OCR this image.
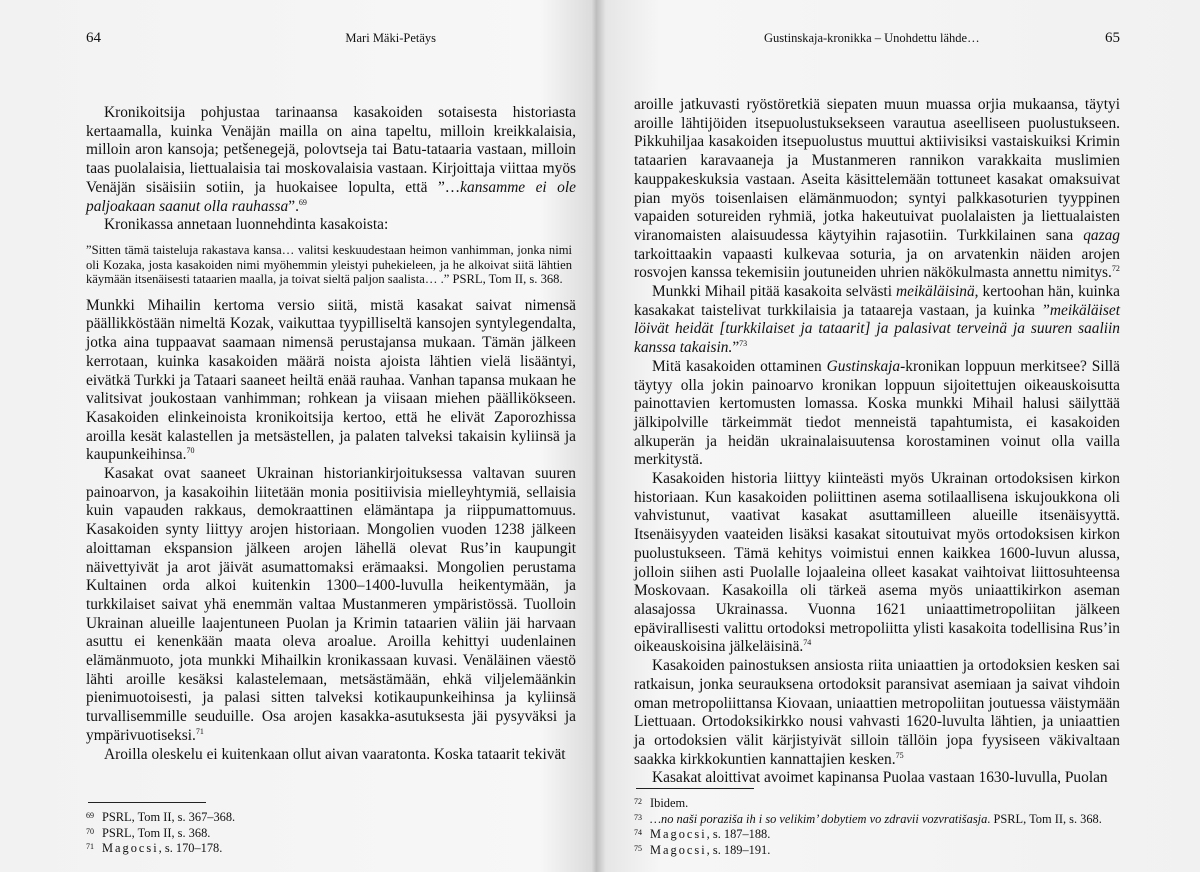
64	Mari Mäki-Petäys

Kronikoitsija pohjustaa tarinaansa kasakoiden sotaisesta historiasta kertaamalla, kuinka Venäjän mailla on aina tapeltu, milloin kreikkalaisia, milloin aron kansoja; petšenegejä, polovtseja tai Batu-tataaria vastaan, milloin taas puolalaisia, liettualaisia tai moskovalaisia vastaan. Kirjoittaja viittaa myös Venäjän sisäisiin sotiin, ja huokaisee lopulta, että ”…kansamme ei ole paljoakaan saanut olla rauhassa”.$^{69}$

Kronikassa annetaan luonnehdinta kasakoista:

”Sitten tämä taisteluja rakastava kansa… valitsi keskuudestaan heimon vanhimman, jonka nimi oli Kozaka, josta kasakoiden nimi myöhemmin yleistyi puhekieleen, ja he alkoivat siitä lähtien käymään itsenäisesti tataarien maalla, ja toivat sieltä paljon saalista… .” PSRL, Tom II, s. 368.

Munkki Mihailin kertoma versio siitä, mistä kasakat saivat nimensä päällikköstään nimeltä Kozak, vaikuttaa tyypilliseltä kansojen syntylegendalta, jotka aina tuppaavat saamaan nimensä perustajansa mukaan. Tämän jälkeen kerrotaan, kuinka kasakoiden määrä noista ajoista lähtien vielä lisääntyi, eivätkä Turkki ja Tataari saaneet heiltä enää rauhaa. Vanhan tapansa mukaan he valitsivat joukostaan vanhimman; rohkean ja viisaan miehen päällikökseen. Kasakoiden elinkeinoista kronikoitsija kertoo, että he elivät Zaporozhissa aroilla kesät kalastellen ja metsästellen, ja palaten talveksi takaisin kyliinsä ja kaupunkeihinsa.$^{70}$

Kasakat ovat saaneet Ukrainan historiankirjoituksessa valtavan suuren painoarvon, ja kasakoihin liitetään monia positiivisia mielleyhtymiä, sellaisia kuin vapauden rakkaus, demokraattinen elämäntapa ja riippumattomuus. Kasakoiden synty liittyy arojen historiaan. Mongolien vuoden 1238 jälkeen aloittaman ekspansion jälkeen arojen lähellä olevat Rus’in kaupungit näivettyivät ja arot jäivät asumattomaksi erämaaksi. Mongolien perustama Kultainen orda alkoi kuitenkin 1300–1400-luvulla heikentymään, ja turkkilaiset saivat yhä enemmän valtaa Mustanmeren ympäristössä. Tuolloin Ukrainan alueille laajentuneen Puolan ja Krimin tataarien väliin jäi harvaan asuttu ei kenenkään maata oleva aroalue. Aroilla kehittyi uudenlainen elämänmuoto, jota munkki Mihailkin kronikassaan kuvasi. Venäläinen väestö lähti aroille kesäksi kalastelemaan, metsästämään, ehkä viljelemäänkin pienimuotoisesti, ja palasi sitten talveksi kotikaupunkeihinsa ja kyliinsä turvallisemmille seuduille. Osa arojen kasakka-asutuksesta jäi pysyväksi ja ympärivuotiseksi.$^{71}$

Aroilla oleskelu ei kuitenkaan ollut aivan vaaratonta. Koska tataarit tekivät

69 PSRL, Tom II, s. 367–368.
70 PSRL, Tom II, s. 368.
71 Magocsi, s. 170–178.
Gustinskaja-kronikka – Unohdettu lähde…	65

aroille jatkuvasti ryöstöretkiä siepaten muun muassa orjia mukaansa, täytyi aroille lähtijöiden itsepuolustuksekseen varautua aseelliseen puolustukseen. Pikkuhiljaa kasakoiden itsepuolustus muuttui aktiivisiksi vastaiskuiksi Krimin tataarien karavaaneja ja Mustanmeren rannikon varakkaita muslimien kauppakeskuksia vastaan. Aseita käsittelemään tottuneet kasakat omaksuivat pian myös toisenlaisen elämänmuodon; syntyi palkkasoturien tyyppinen vapaiden sotureiden ryhmiä, jotka hakeutuivat puolalaisten ja liettualaisten viranomaisten alaisuudessa käytyihin rajasotiin. Turkkilainen sana qazag tarkoittaakin vapaasti kulkevaa soturia, ja on arvatenkin näiden arojen rosvojen kanssa tekemisiin joutuneiden uhrien näkökulmasta annettu nimitys.$^{72}$

Munkki Mihail pitää kasakoita selvästi meikäläisinä, kertoohan hän, kuinka kasakakat taistelivat turkkilaisia ja tataareja vastaan, ja kuinka ”meikäläiset löivät heidät [turkkilaiset ja tataarit] ja palasivat terveinä ja suuren saaliin kanssa takaisin.”$^{73}$

Mitä kasakoiden ottaminen Gustinskaja-kronikan loppuun merkitsee? Sillä täytyy olla jokin painoarvo kronikan loppuun sijoitettujen oikeauskoisutta painottavien kertomusten lomassa. Koska munkki Mihail halusi säilyttää jälkipolville tärkeimmät tiedot menneistä tapahtumista, ei kasakoiden alkuperän ja heidän ukrainalaisuutensa korostaminen voinut olla vailla merkitystä.

Kasakoiden historia liittyy kiinteästi myös Ukrainan ortodoksisen kirkon historiaan. Kun kasakoiden poliittinen asema sotilaallisena iskujoukkona oli vahvistunut, vaativat kasakat asuttamilleen alueille itsenäisyyttä. Itsenäisyyden vaateiden lisäksi kasakat sitoutuivat myös ortodoksisen kirkon puolustukseen. Tämä kehitys voimistui ennen kaikkea 1600-luvun alussa, jolloin siihen asti Puolalle lojaaleina olleet kasakat vaihtoivat liittosuhteensa Moskovaan. Kasakoilla oli tärkeä asema myös uniaattikirkon aseman alasajossa Ukrainassa. Vuonna 1621 uniaattimetropoliitan jälkeen epävirallisesti valittu ortodoksi metropoliitta ylisti kasakoita todellisina Rus’in oikeauskoisina jälkeläisinä.$^{74}$

Kasakoiden painostuksen ansiosta riita uniaattien ja ortodoksien kesken sai ratkaisun, jonka seurauksena ortodoksit paransivat asemiaan ja saivat vihdoin oman metropoliittansa Kiovaan, uniaattien metropoliitan joutuessa väistymään Liettuaan. Ortodoksikirkko nousi vahvasti 1620-luvulta lähtien, ja uniaattien ja ortodoksien välit kärjistyivät silloin tällöin jopa fyysiseen väkivaltaan saakka kirkkokuntien kannattajien kesken.$^{75}$

Kasakat aloittivat avoimet kapinansa Puolaa vastaan 1630-luvulla, Puolan

72 Ibidem.
73 …no naši poraziša ih i so velikim’ dobytiem vo zdravii vozvratišasja. PSRL, Tom II, s. 368.
74 Magocsi, s. 187–188.
75 Magocsi, s. 189–191.
